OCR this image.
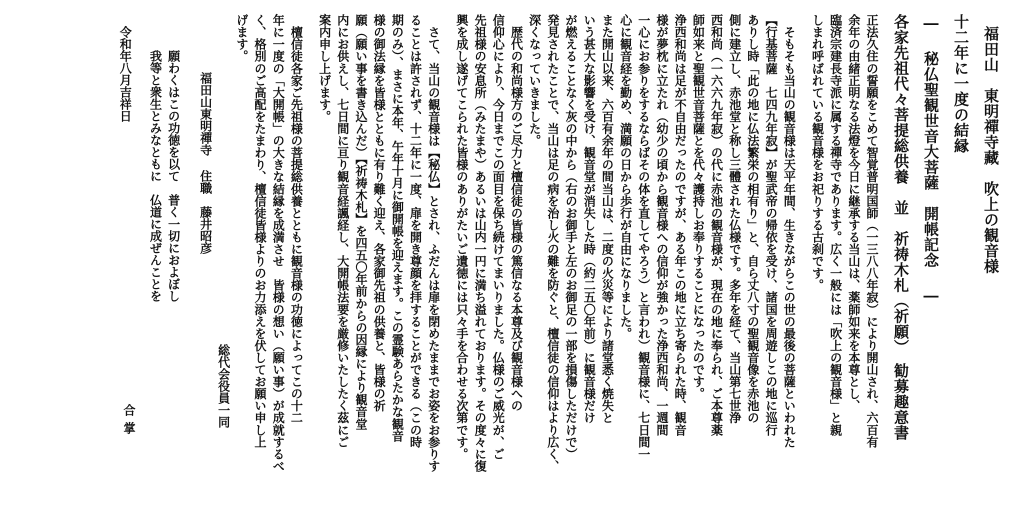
福田山　東明禪寺藏　吹上の観音様
十二年に一度の結縁
― 秘仏聖観世音大菩薩　開帳記念 ―
各家先祖代々菩提総供養　並　祈祷木札（祈願）　勧募趣意書
正法久住の誓願をこめて智覚普明国師（一三八八年寂）により開山され、六百有
余年の由緒正明なる法燈を今日に継承する当山は、薬師如来を本尊とし、
臨済宗建長寺派に属する禪寺であります。広く一般には「吹上の観音様」と親
しまれ呼ばれている観音様をお祀りする古刹です。
　そもそも当山の観音様は天平年間、生きながらこの世の最後の菩薩といわれた
【行基菩薩　七四九年寂】が聖武帝の帰依を受け、諸国を周遊しこの地に巡行
ありし時「此の地に仏法繁栄の相有り」と、自ら丈八寸の聖観音像を赤池の
側に建立し、赤池堂と称し三體された仏様です。多年を経て、当山第七世浄
西和尚（一六六九年寂）の代に赤池の観音様が、現在の地に奉られ、ご本尊薬
師如来と聖観世音菩薩とを代々護持しお奉りすることになったのです。
浄西和尚は足が不自由だったのですが、ある年この地に立ち寄られた時、観音
様が夢枕に立たれ（幼少の頃から観音様への信仰が強かった浄西和尚、一週間
一心にお参りをするならばその体を直してやろう）と言われ）観音様に、七日間一
心に観音経を勤め、満願の日から歩行が自由になりました。
また開山以来、六百有余年の間当山は、二度の火災等により諸堂悉く焼失と
いう甚大な影響を受け、観音堂が消失した時（約二五〇年前）に観音様だけ
が燃えることなく灰の中から（右のお御手と左のお御足の一部を損傷しただけで）
発見されたことで、当山は足の病を治し火の難を防ぐと、檀信徒の信仰はより広く、
深くなっていきました。
　歴代の和尚様方のご尽力と檀信徒の皆様の篤信なる本尊及び観音様への
信仰心により、今日までこの面目を保ち続けてまいりました。仏様のご威光が、ご
先祖様の安息所（みたまや）あるいは山内一円に満ち溢れております。その度々に復
興を成し遂げてこられた皆様のありがたいご遺徳には只々手を合わせる次第です。
　さて、当山の観音様は【秘仏】とされ、ふだんは扉を閉めたままでお姿をお参りす
ることは許されず、十二年に一度、扉を開き尊顔を拝することができる（この時
期のみ）、まさに本年、午年十月に御開帳を迎えます。この霊験あらたかな観音
様の御法縁を皆様とともに有り難く迎え、各家御先祖の供養と、皆様の祈
願（願い事を書き込んだ）【祈祷木札】を四五〇年前からの因縁により観音堂
内にお供えし、七日間に亘り観音経諷経し、大開帳法要を厳修いたしたく茲にご
案内申し上げます。
　檀信徒各家ご先祖様の菩提総供養とともに観音様の功徳によってこの十二
年に一度の「大開帳」の大きな結縁を成満させ　皆様の想い（願い事）が成就するべ
く、格別のご高配をたまわり、檀信徒皆様よりのお力添えを伏してお願い申し上
げます。
総代会役員一同
福田山東明禪寺 住職　藤井昭彦
願わくはこの功徳を以て　普く一切におよぼし
我等と衆生とみなともに　仏道に成ぜんことを
令和年八月吉祥日
合掌
